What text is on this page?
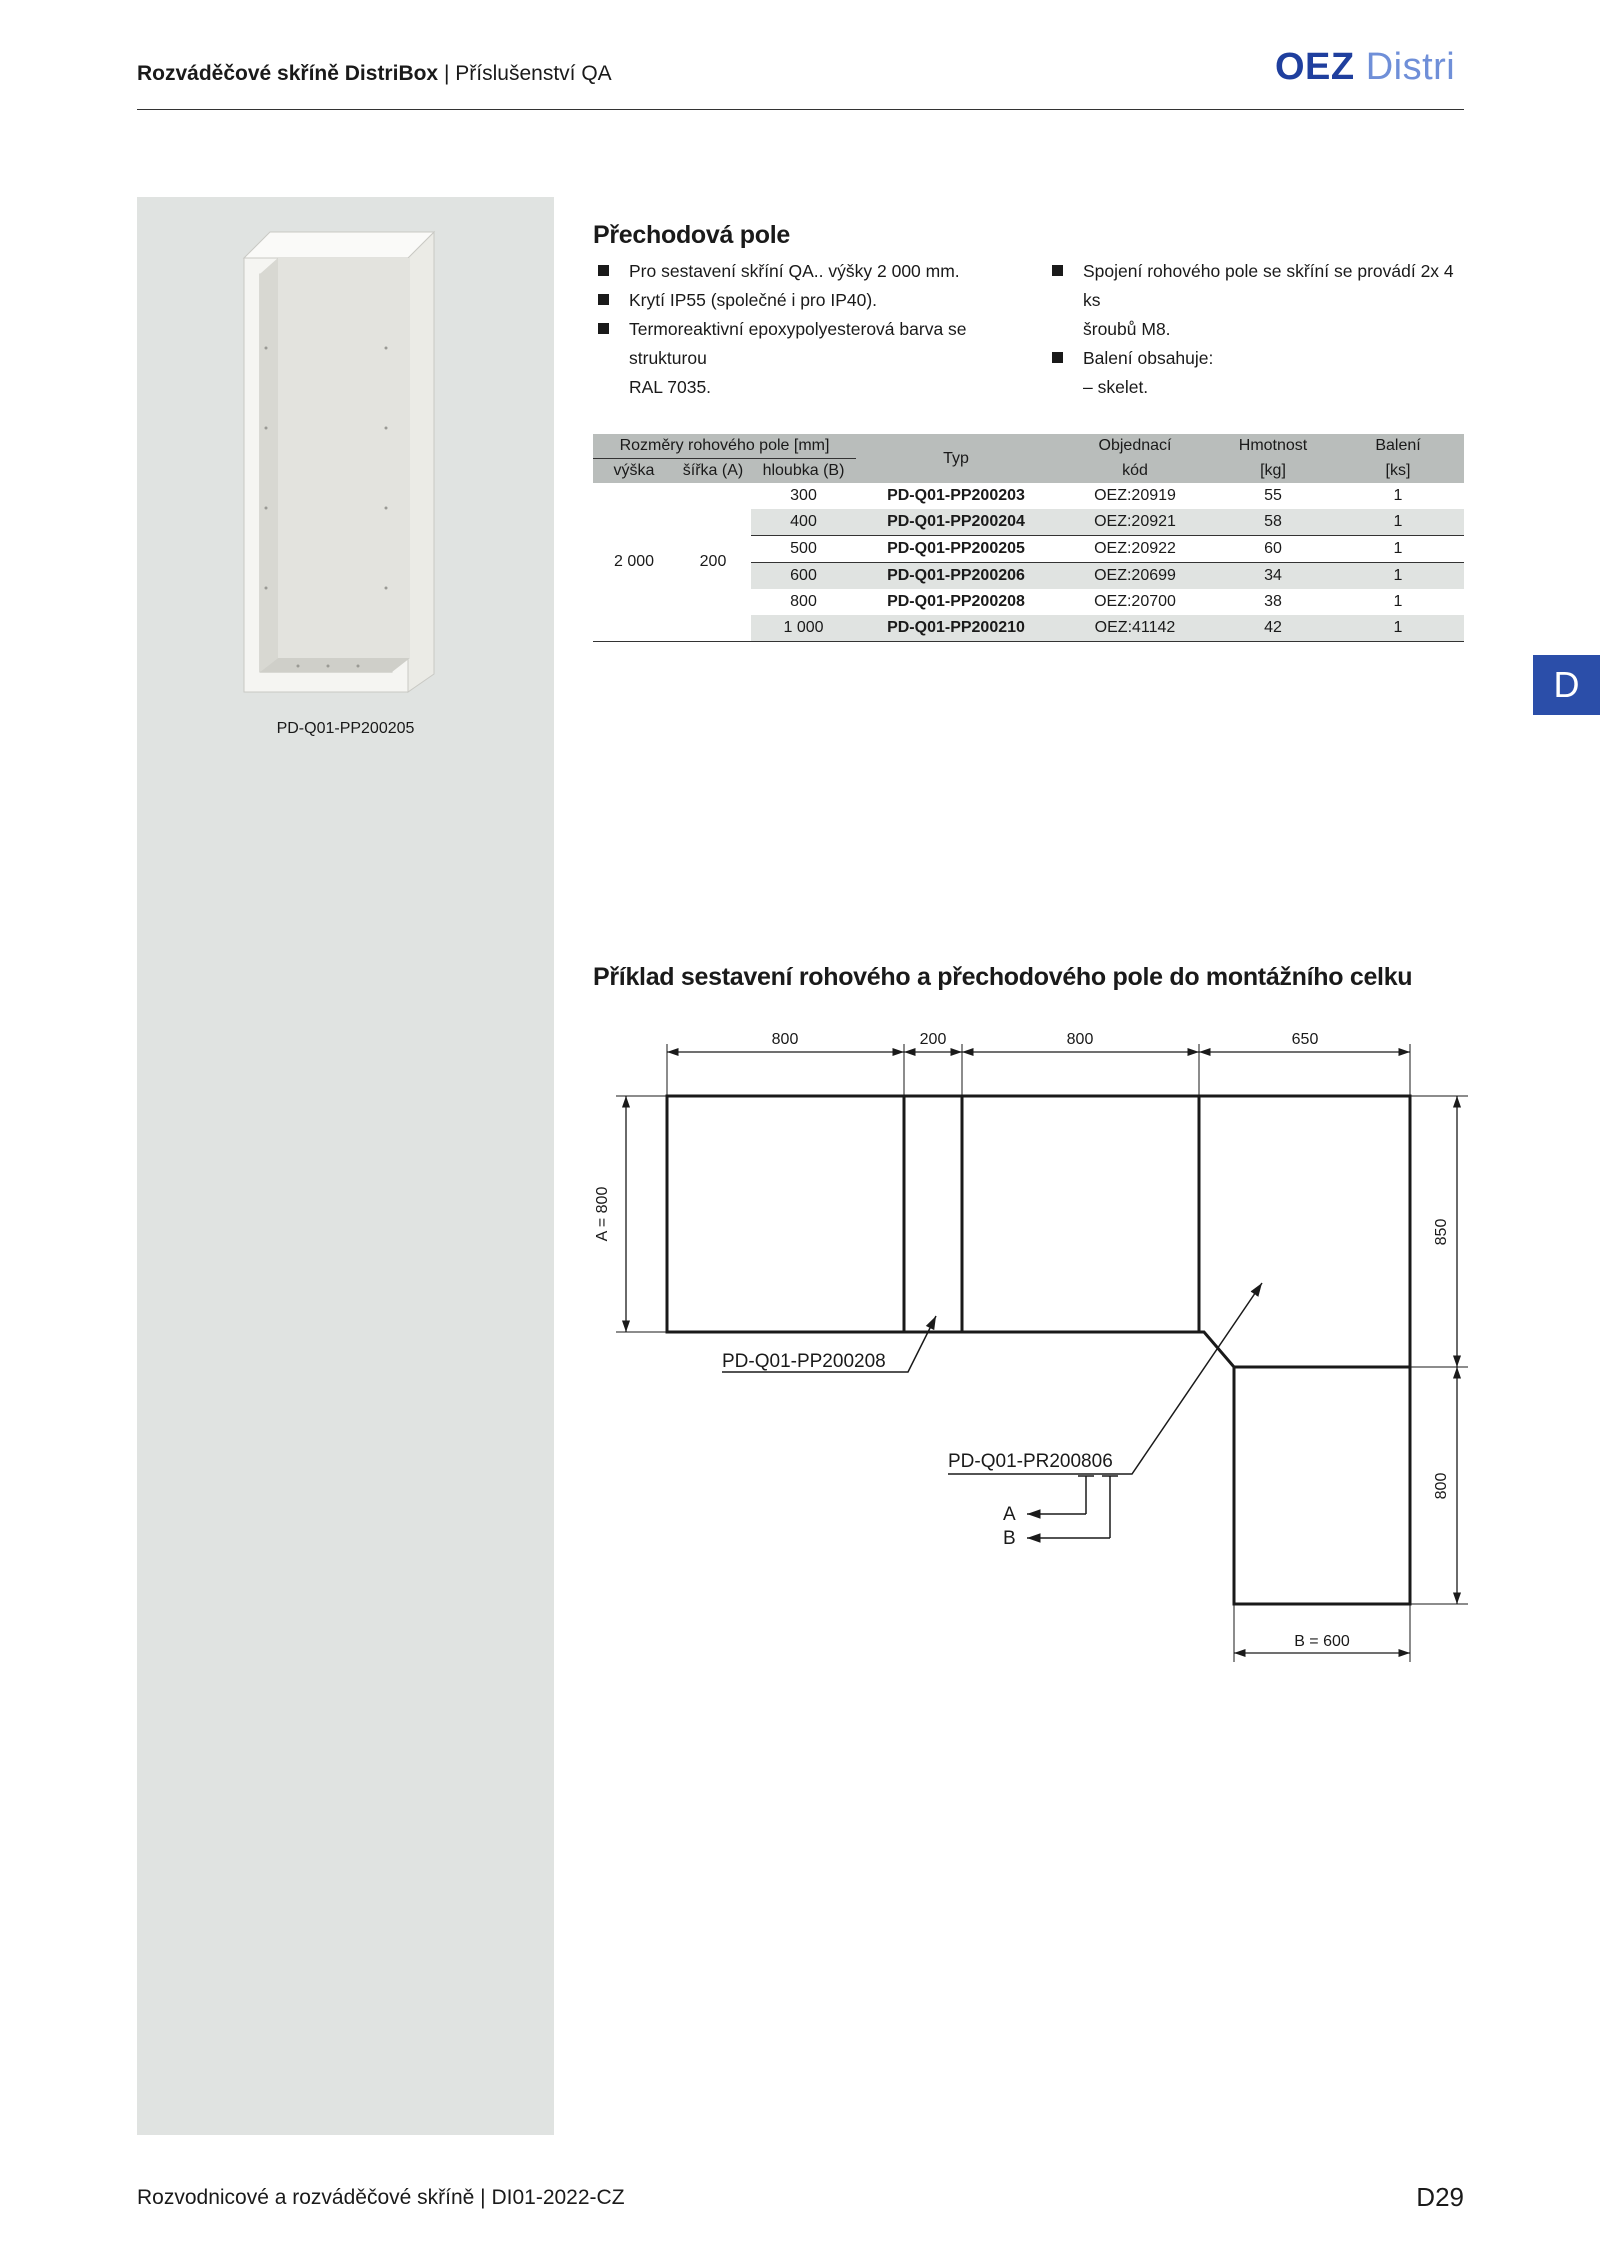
Rozváděčové skříně DistriBox | Příslušenství QA	OEZ Distri
PD-Q01-PP200205
Přechodová pole
Pro sestavení skříní QA.. výšky 2 000 mm.
Krytí IP55 (společné i pro IP40).
Termoreaktivní epoxypolyesterová barva se strukturou
RAL 7035.
Spojení rohového pole se skříní se provádí 2x 4 ks
šroubů M8.
Balení obsahuje:
– skelet.
Rozměry rohového pole [mm]			Typ	Objednací	Hmotnost	Balení
výška	šířka (A)	hloubka (B)		kód	[kg]	[ks]
2 000	200	300	PD-Q01-PP200203	OEZ:20919	55	1
		400	PD-Q01-PP200204	OEZ:20921	58	1
		500	PD-Q01-PP200205	OEZ:20922	60	1
		600	PD-Q01-PP200206	OEZ:20699	34	1
		800	PD-Q01-PP200208	OEZ:20700	38	1
		1 000	PD-Q01-PP200210	OEZ:41142	42	1
D
Příklad sestavení rohového a přechodového pole do montážního celku
800	200	800	650
A = 800	850
800
B = 600
PD-Q01-PP200208
PD-Q01-PR200806
A
B
Rozvodnicové a rozváděčové skříně | DI01-2022-CZ	D29
